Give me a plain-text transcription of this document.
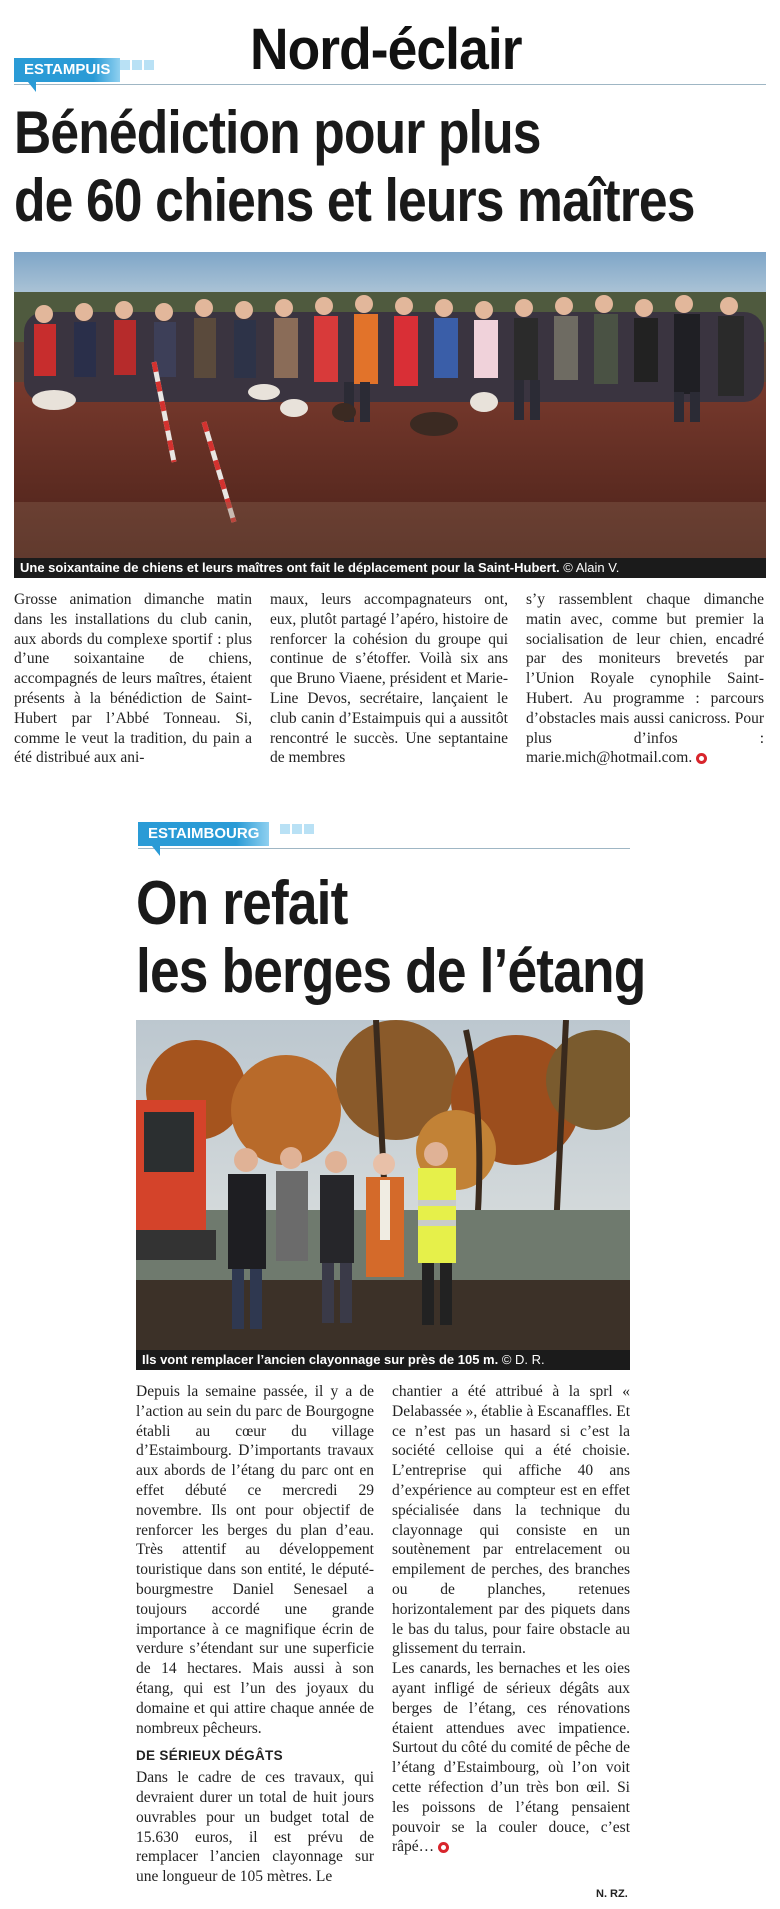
Nord-éclair
ESTAMPUIS
Bénédiction pour plus
de 60 chiens et leurs maîtres
Une soixantaine de chiens et leurs maîtres ont fait le déplacement pour la Saint-Hubert. © Alain V.

Grosse animation dimanche matin dans les installations du club canin, aux abords du complexe sportif : plus d’une soixantaine de chiens, accompagnés de leurs maîtres, étaient présents à la bénédiction de Saint-Hubert par l’Abbé Tonneau. Si, comme le veut la tradition, du pain a été distribué aux ani-

maux, leurs accompagnateurs ont, eux, plutôt partagé l’apéro, histoire de renforcer la cohésion du groupe qui continue de s’étoffer. Voilà six ans que Bruno Viaene, président et Marie-Line Devos, secrétaire, lançaient le club canin d’Estaimpuis qui a aussitôt rencontré le succès. Une septantaine de membres

s’y rassemblent chaque dimanche matin avec, comme but premier la socialisation de leur chien, encadré par des moniteurs brevetés par l’Union Royale cynophile Saint-Hubert. Au programme : parcours d’obstacles mais aussi canicross. Pour plus d’infos : marie.mich@hotmail.com.

ESTAIMBOURG
On refait
les berges de l’étang
Ils vont remplacer l’ancien clayonnage sur près de 105 m. © D. R.

Depuis la semaine passée, il y a de l’action au sein du parc de Bourgogne établi au cœur du village d’Estaimbourg. D’importants travaux aux abords de l’étang du parc ont en effet débuté ce mercredi 29 novembre. Ils ont pour objectif de renforcer les berges du plan d’eau. Très attentif au développement touristique dans son entité, le député-bourgmestre Daniel Senesael a toujours accordé une grande importance à ce magnifique écrin de verdure s’étendant sur une superficie de 14 hectares. Mais aussi à son étang, qui est l’un des joyaux du domaine et qui attire chaque année de nombreux pêcheurs.

DE SÉRIEUX DÉGÂTS

Dans le cadre de ces travaux, qui devraient durer un total de huit jours ouvrables pour un budget total de 15.630 euros, il est prévu de remplacer l’ancien clayonnage sur une longueur de 105 mètres. Le

chantier a été attribué à la sprl « Delabassée », établie à Escanaffles. Et ce n’est pas un hasard si c’est la société celloise qui a été choisie. L’entreprise qui affiche 40 ans d’expérience au compteur est en effet spécialisée dans la technique du clayonnage qui consiste en un soutènement par entrelacement ou empilement de perches, des branches ou de planches, retenues horizontalement par des piquets dans le bas du talus, pour faire obstacle au glissement du terrain.

Les canards, les bernaches et les oies ayant infligé de sérieux dégâts aux berges de l’étang, ces rénovations étaient attendues avec impatience. Surtout du côté du comité de pêche de l’étang d’Estaimbourg, où l’on voit cette réfection d’un très bon œil. Si les poissons de l’étang pensaient pouvoir se la couler douce, c’est râpé…

N. RZ.
